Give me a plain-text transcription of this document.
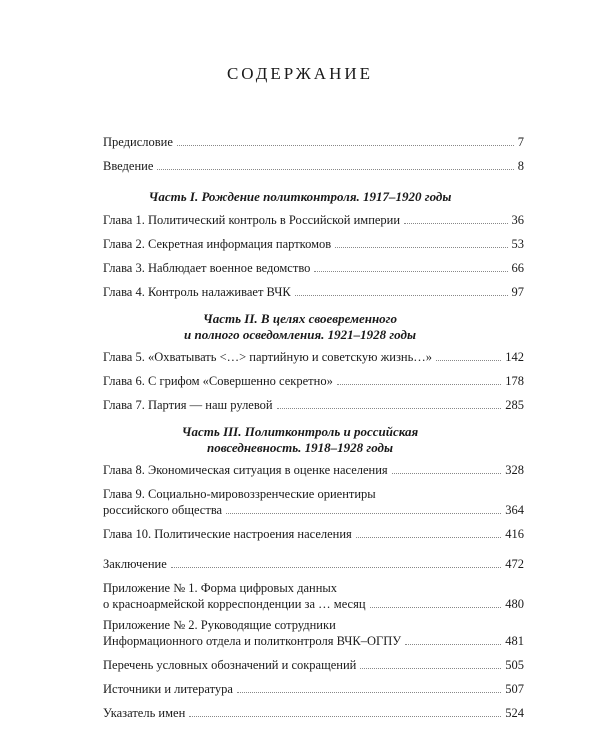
СОДЕРЖАНИЕ
Предисловие	7
Введение	8
Часть I. Рождение политконтроля. 1917–1920 годы
Глава 1. Политический контроль в Российской империи	36
Глава 2. Секретная информация парткомов	53
Глава 3. Наблюдает военное ведомство	66
Глава 4. Контроль налаживает ВЧК	97
Часть II. В целях своевременного
и полного осведомления. 1921–1928 годы
Глава 5. «Охватывать <…> партийную и советскую жизнь…»	142
Глава 6. С грифом «Совершенно секретно»	178
Глава 7. Партия — наш рулевой	285
Часть III. Политконтроль и российская
повседневность. 1918–1928 годы
Глава 8. Экономическая ситуация в оценке населения	328
Глава 9. Социально-мировоззренческие ориентиры
российского общества	364
Глава 10. Политические настроения населения	416
Заключение	472
Приложение № 1. Форма цифровых данных
о красноармейской корреспонденции за … месяц	480
Приложение № 2. Руководящие сотрудники
Информационного отдела и политконтроля ВЧК–ОГПУ	481
Перечень условных обозначений и сокращений	505
Источники и литература	507
Указатель имен	524
